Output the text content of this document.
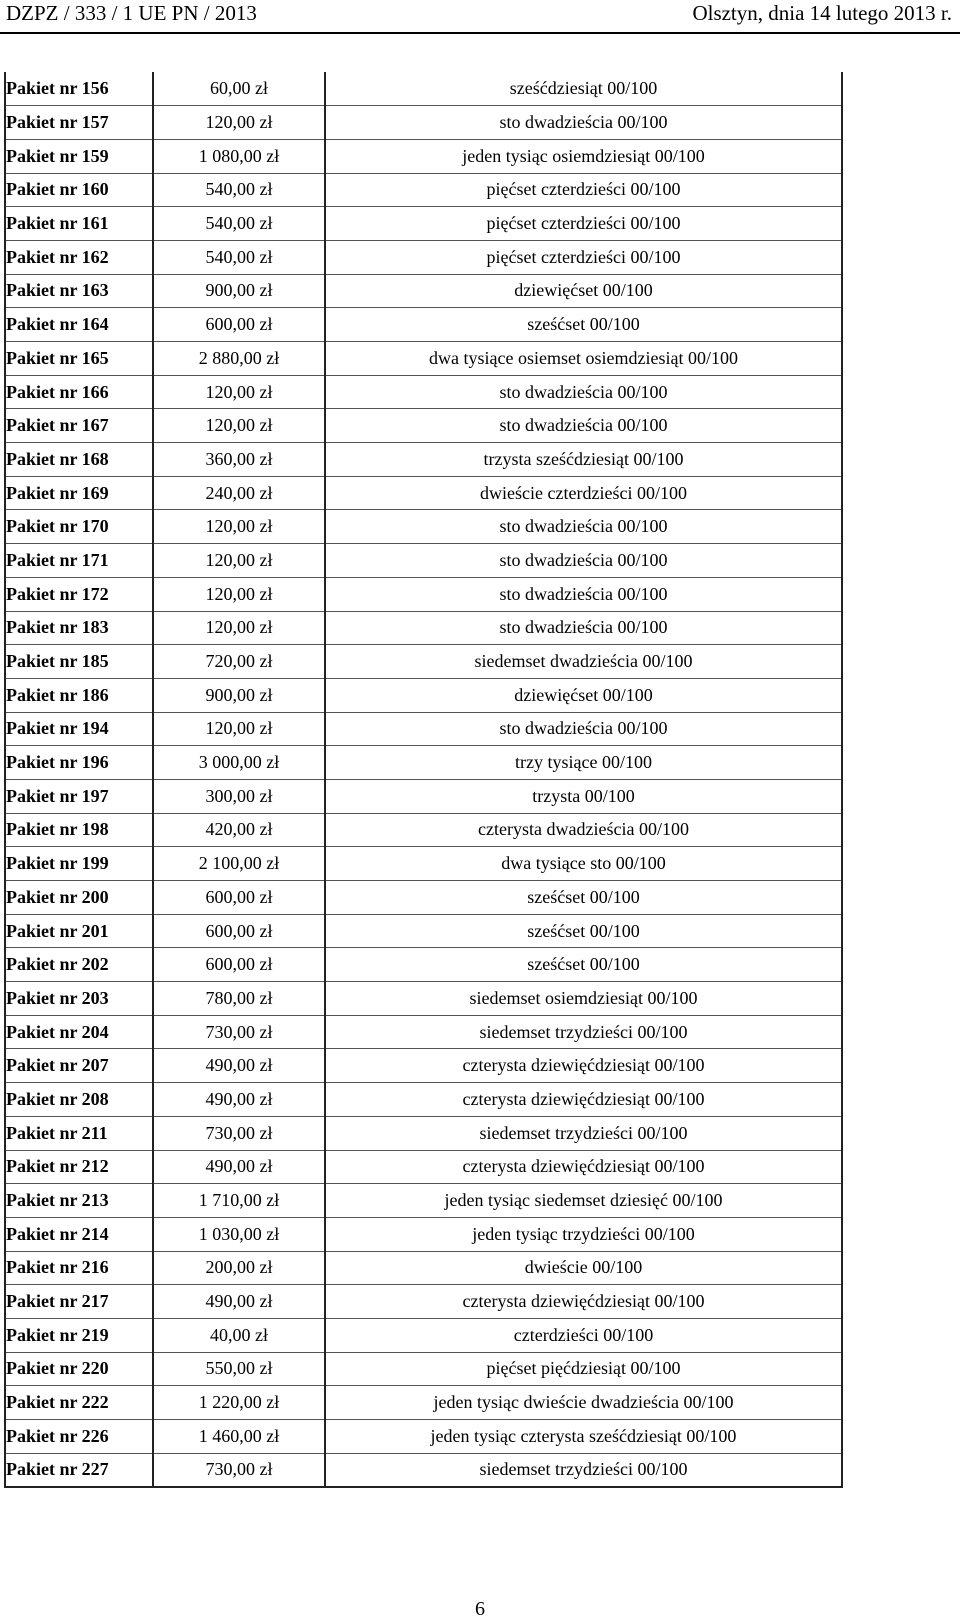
DZPZ / 333 / 1 UE PN / 2013	Olsztyn, dnia 14 lutego 2013 r.
Pakiet nr 156	60,00 zł	sześćdziesiąt 00/100
Pakiet nr 157	120,00 zł	sto dwadzieścia 00/100
Pakiet nr 159	1 080,00 zł	jeden tysiąc osiemdziesiąt 00/100
Pakiet nr 160	540,00 zł	pięćset czterdzieści 00/100
Pakiet nr 161	540,00 zł	pięćset czterdzieści 00/100
Pakiet nr 162	540,00 zł	pięćset czterdzieści 00/100
Pakiet nr 163	900,00 zł	dziewięćset 00/100
Pakiet nr 164	600,00 zł	sześćset 00/100
Pakiet nr 165	2 880,00 zł	dwa tysiące osiemset osiemdziesiąt 00/100
Pakiet nr 166	120,00 zł	sto dwadzieścia 00/100
Pakiet nr 167	120,00 zł	sto dwadzieścia 00/100
Pakiet nr 168	360,00 zł	trzysta sześćdziesiąt 00/100
Pakiet nr 169	240,00 zł	dwieście czterdzieści 00/100
Pakiet nr 170	120,00 zł	sto dwadzieścia 00/100
Pakiet nr 171	120,00 zł	sto dwadzieścia 00/100
Pakiet nr 172	120,00 zł	sto dwadzieścia 00/100
Pakiet nr 183	120,00 zł	sto dwadzieścia 00/100
Pakiet nr 185	720,00 zł	siedemset dwadzieścia 00/100
Pakiet nr 186	900,00 zł	dziewięćset 00/100
Pakiet nr 194	120,00 zł	sto dwadzieścia 00/100
Pakiet nr 196	3 000,00 zł	trzy tysiące 00/100
Pakiet nr 197	300,00 zł	trzysta 00/100
Pakiet nr 198	420,00 zł	czterysta dwadzieścia 00/100
Pakiet nr 199	2 100,00 zł	dwa tysiące sto 00/100
Pakiet nr 200	600,00 zł	sześćset 00/100
Pakiet nr 201	600,00 zł	sześćset 00/100
Pakiet nr 202	600,00 zł	sześćset 00/100
Pakiet nr 203	780,00 zł	siedemset osiemdziesiąt 00/100
Pakiet nr 204	730,00 zł	siedemset trzydzieści 00/100
Pakiet nr 207	490,00 zł	czterysta dziewięćdziesiąt 00/100
Pakiet nr 208	490,00 zł	czterysta dziewięćdziesiąt 00/100
Pakiet nr 211	730,00 zł	siedemset trzydzieści 00/100
Pakiet nr 212	490,00 zł	czterysta dziewięćdziesiąt 00/100
Pakiet nr 213	1 710,00 zł	jeden tysiąc siedemset dziesięć 00/100
Pakiet nr 214	1 030,00 zł	jeden tysiąc trzydzieści 00/100
Pakiet nr 216	200,00 zł	dwieście 00/100
Pakiet nr 217	490,00 zł	czterysta dziewięćdziesiąt 00/100
Pakiet nr 219	40,00 zł	czterdzieści 00/100
Pakiet nr 220	550,00 zł	pięćset pięćdziesiąt 00/100
Pakiet nr 222	1 220,00 zł	jeden tysiąc dwieście dwadzieścia 00/100
Pakiet nr 226	1 460,00 zł	jeden tysiąc czterysta sześćdziesiąt 00/100
Pakiet nr 227	730,00 zł	siedemset trzydzieści 00/100
6
